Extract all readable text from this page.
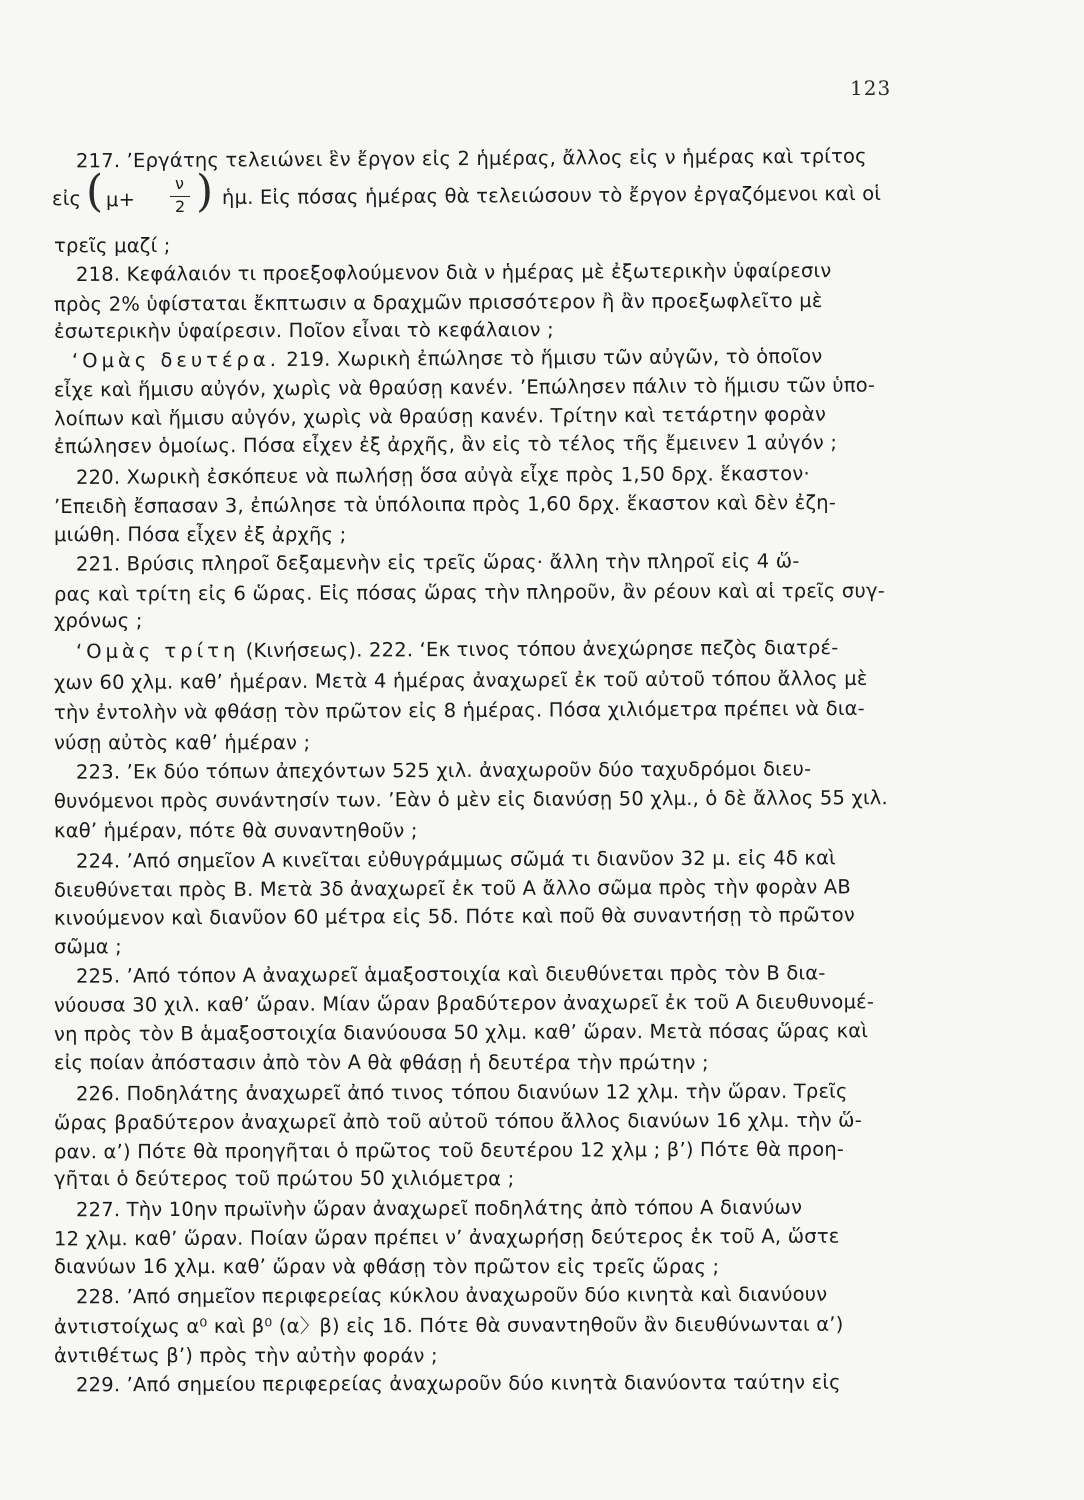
123
217. ’Εργάτης τελειώνει ἓν ἔργον εἰς 2 ἡμέρας, ἄλλος εἰς ν ἡμέρας καὶ τρίτος
εἰς ( μ+
ν
2 ) ἡμ. Εἰς πόσας ἡμέρας θὰ τελειώσουν τὸ ἔργον ἐργαζόμενοι καὶ οἱ
τρεῖς μαζί ;
218. Κεφάλαιόν τι προεξοφλούμενον διὰ ν ἡμέρας μὲ ἐξωτερικὴν ὑφαίρεσιν
πρὸς 2% ὑφίσταται ἔκπτωσιν α δραχμῶν πρισσότερον ἢ ἂν προεξωφλεῖτο μὲ
ἐσωτερικὴν ὑφαίρεσιν. Ποῖον εἶναι τὸ κεφάλαιον ;
‘Ομὰς δευτέρα. 219. Χωρικὴ ἐπώλησε τὸ ἥμισυ τῶν αὐγῶν, τὸ ὁποῖον
εἶχε καὶ ἥμισυ αὐγόν, χωρὶς νὰ θραύσῃ κανέν. ’Επώλησεν πάλιν τὸ ἥμισυ τῶν ὑπο-
λοίπων καὶ ἥμισυ αὐγόν, χωρὶς νὰ θραύσῃ κανέν. Τρίτην καὶ τετάρτην φορὰν
ἐπώλησεν ὁμοίως. Πόσα εἶχεν ἐξ ἀρχῆς, ἂν εἰς τὸ τέλος τῆς ἔμεινεν 1 αὐγόν ;
220. Χωρικὴ ἐσκόπευε νὰ πωλήσῃ ὅσα αὐγὰ εἶχε πρὸς 1,50 δρχ. ἕκαστον·
’Επειδὴ ἔσπασαν 3, ἐπώλησε τὰ ὑπόλοιπα πρὸς 1,60 δρχ. ἕκαστον καὶ δὲν ἐζη-
μιώθη. Πόσα εἶχεν ἐξ ἀρχῆς ;
221. Βρύσις πληροῖ δεξαμενὴν εἰς τρεῖς ὥρας· ἄλλη τὴν πληροῖ εἰς 4 ὥ-
ρας καὶ τρίτη εἰς 6 ὥρας. Εἰς πόσας ὥρας τὴν πληροῦν, ἂν ρέουν καὶ αἱ τρεῖς συγ-
χρόνως ;
‘Ομὰς τρίτη (Κινήσεως). 222. ‘Εκ τινος τόπου ἀνεχώρησε πεζὸς διατρέ-
χων 60 χλμ. καθ’ ἡμέραν. Μετὰ 4 ἡμέρας ἀναχωρεῖ ἐκ τοῦ αὐτοῦ τόπου ἄλλος μὲ
τὴν ἐντολὴν νὰ φθάσῃ τὸν πρῶτον εἰς 8 ἡμέρας. Πόσα χιλιόμετρα πρέπει νὰ δια-
νύσῃ αὐτὸς καθ’ ἡμέραν ;
223. ’Εκ δύο τόπων ἀπεχόντων 525 χιλ. ἀναχωροῦν δύο ταχυδρόμοι διευ-
θυνόμενοι πρὸς συνάντησίν των. ’Εὰν ὁ μὲν εἰς διανύσῃ 50 χλμ., ὁ δὲ ἄλλος 55 χιλ.
καθ’ ἡμέραν, πότε θὰ συναντηθοῦν ;
224. ’Από σημεῖον Α κινεῖται εὐθυγράμμως σῶμά τι διανῦον 32 μ. εἰς 4δ καὶ
διευθύνεται πρὸς Β. Μετὰ 3δ ἀναχωρεῖ ἐκ τοῦ Α ἄλλο σῶμα πρὸς τὴν φορὰν ΑΒ
κινούμενον καὶ διανῦον 60 μέτρα εἰς 5δ. Πότε καὶ ποῦ θὰ συναντήσῃ τὸ πρῶτον
σῶμα ;
225. ’Από τόπον Α ἀναχωρεῖ ἁμαξοστοιχία καὶ διευθύνεται πρὸς τὸν Β δια-
νύουσα 30 χιλ. καθ’ ὥραν. Μίαν ὥραν βραδύτερον ἀναχωρεῖ ἐκ τοῦ Α διευθυνομέ-
νη πρὸς τὸν Β ἁμαξοστοιχία διανύουσα 50 χλμ. καθ’ ὥραν. Μετὰ πόσας ὥρας καὶ
εἰς ποίαν ἀπόστασιν ἀπὸ τὸν Α θὰ φθάσῃ ἡ δευτέρα τὴν πρώτην ;
226. Ποδηλάτης ἀναχωρεῖ ἀπό τινος τόπου διανύων 12 χλμ. τὴν ὥραν. Τρεῖς
ὥρας βραδύτερον ἀναχωρεῖ ἀπὸ τοῦ αὐτοῦ τόπου ἄλλος διανύων 16 χλμ. τὴν ὥ-
ραν. α’) Πότε θὰ προηγῆται ὁ πρῶτος τοῦ δευτέρου 12 χλμ ; β’) Πότε θὰ προη-
γῆται ὁ δεύτερος τοῦ πρώτου 50 χιλιόμετρα ;
227. Τὴν 10ην πρωϊνὴν ὥραν ἀναχωρεῖ ποδηλάτης ἀπὸ τόπου Α διανύων
12 χλμ. καθ’ ὥραν. Ποίαν ὥραν πρέπει ν’ ἀναχωρήσῃ δεύτερος ἐκ τοῦ Α, ὥστε
διανύων 16 χλμ. καθ’ ὥραν νὰ φθάσῃ τὸν πρῶτον εἰς τρεῖς ὥρας ;
228. ’Από σημεῖον περιφερείας κύκλου ἀναχωροῦν δύο κινητὰ καὶ διανύουν
ἀντιστοίχως α⁰ καὶ β⁰ (α〉β) εἰς 1δ. Πότε θὰ συναντηθοῦν ἂν διευθύνωνται α’)
ἀντιθέτως β’) πρὸς τὴν αὐτὴν φοράν ;
229. ’Από σημείου περιφερείας ἀναχωροῦν δύο κινητὰ διανύοντα ταύτην εἰς
